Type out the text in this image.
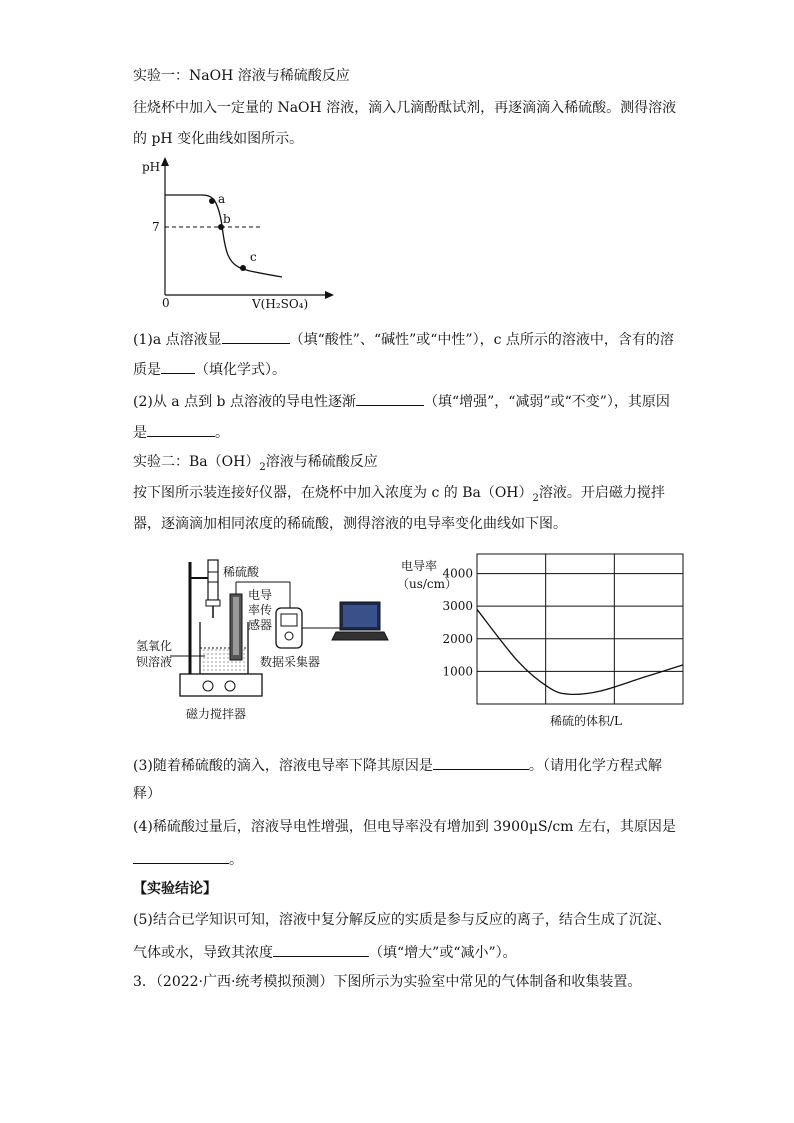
实验一：NaOH 溶液与稀硫酸反应
往烧杯中加入一定量的 NaOH 溶液，滴入几滴酚酞试剂，再逐滴滴入稀硫酸。测得溶液
的 pH 变化曲线如图所示。
pH
0	V(H₂SO₄)
7
a
b
c
(1)a 点溶液显	（填“酸性”、“碱性”或“中性”），c 点所示的溶液中，含有的溶
质是 （填化学式）。
(2)从 a 点到 b 点溶液的导电性逐渐	（填“增强”，“减弱”或“不变”），其原因
是	。
实验二：$Ba(OH)_2$溶液与稀硫酸反应
按下图所示装连接好仪器，在烧杯中加入浓度为 c 的 $Ba(OH)_2$溶液。开启磁力搅拌
器，逐滴滴加相同浓度的稀硫酸，测得溶液的电导率变化曲线如下图。
稀硫酸
电导
率传
感器
氢氧化
钡溶液	数据采集器
磁力搅拌器
1000
2000
3000
4000
电导率
（us/cm）
稀硫的体积/L
(3)随着稀硫酸的滴入，溶液电导率下降其原因是	。（请用化学方程式解
释）
(4)稀硫酸过量后，溶液导电性增强，但电导率没有增加到 3900μS/cm 左右，其原因是
。
【实验结论】
(5)结合已学知识可知，溶液中复分解反应的实质是参与反应的离子，结合生成了沉淀、
气体或水，导致其浓度	（填“增大”或“减小”）。
3．（2022·广西·统考模拟预测）下图所示为实验室中常见的气体制备和收集装置。
